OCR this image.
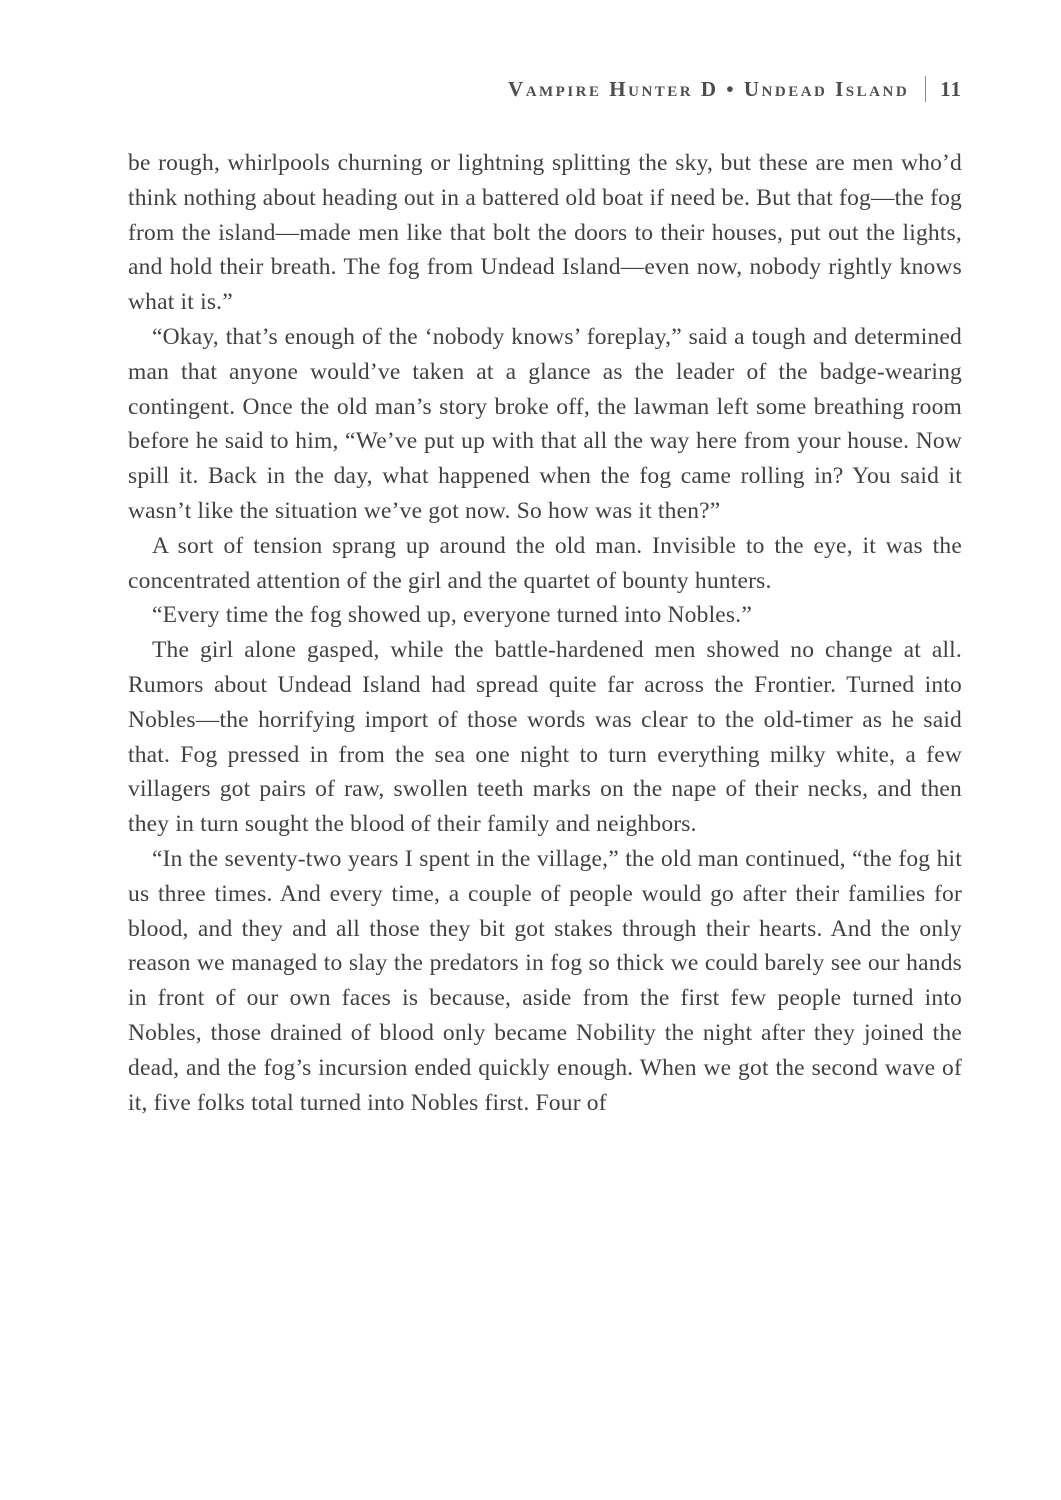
Vampire Hunter D • Undead Island 11

be rough, whirlpools churning or lightning splitting the sky, but these are men who’d think nothing about heading out in a battered old boat if need be. But that fog—the fog from the island—made men like that bolt the doors to their houses, put out the lights, and hold their breath. The fog from Undead Island—even now, nobody rightly knows what it is.”

“Okay, that’s enough of the ‘nobody knows’ foreplay,” said a tough and determined man that anyone would’ve taken at a glance as the leader of the badge-wearing contingent. Once the old man’s story broke off, the lawman left some breathing room before he said to him, “We’ve put up with that all the way here from your house. Now spill it. Back in the day, what happened when the fog came rolling in? You said it wasn’t like the situation we’ve got now. So how was it then?”

A sort of tension sprang up around the old man. Invisible to the eye, it was the concentrated attention of the girl and the quartet of bounty hunters.

“Every time the fog showed up, everyone turned into Nobles.”

The girl alone gasped, while the battle-hardened men showed no change at all. Rumors about Undead Island had spread quite far across the Frontier. Turned into Nobles—the horrifying import of those words was clear to the old-timer as he said that. Fog pressed in from the sea one night to turn everything milky white, a few villagers got pairs of raw, swollen teeth marks on the nape of their necks, and then they in turn sought the blood of their family and neighbors.

“In the seventy-two years I spent in the village,” the old man continued, “the fog hit us three times. And every time, a couple of people would go after their families for blood, and they and all those they bit got stakes through their hearts. And the only reason we managed to slay the predators in fog so thick we could barely see our hands in front of our own faces is because, aside from the first few people turned into Nobles, those drained of blood only became Nobility the night after they joined the dead, and the fog’s incursion ended quickly enough. When we got the second wave of it, five folks total turned into Nobles first. Four of
